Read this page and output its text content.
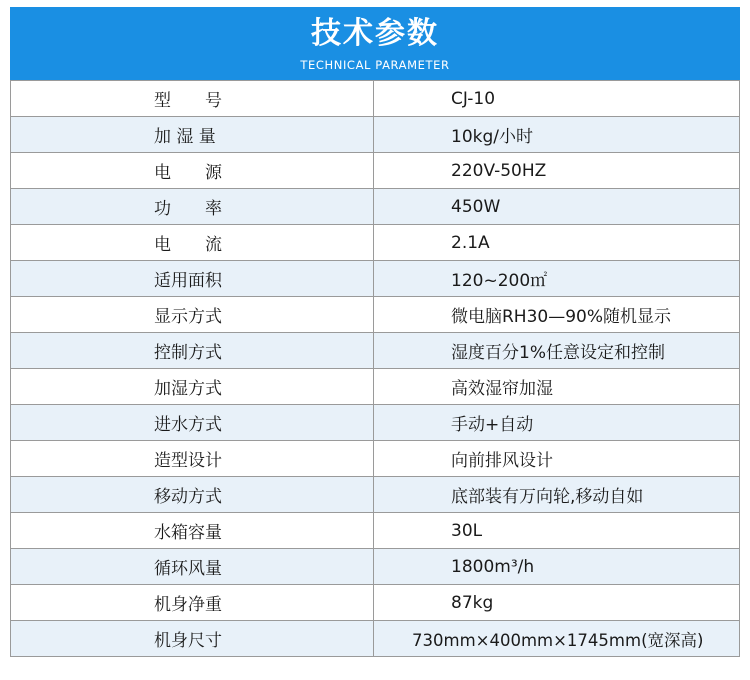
技术参数
TECHNICAL PARAMETER
型　　号	CJ-10
加 湿 量	10kg/小时
电　　源	220V-50HZ
功　　率	450W
电　　流	2.1A
适用面积	120~200㎡
显示方式	微电脑RH30—90%随机显示
控制方式	湿度百分1%任意设定和控制
加湿方式	高效湿帘加湿
进水方式	手动+自动
造型设计	向前排风设计
移动方式	底部装有万向轮,移动自如
水箱容量	30L
循环风量	1800m³/h
机身净重	87kg
机身尺寸	730mm×400mm×1745mm(宽深高)
